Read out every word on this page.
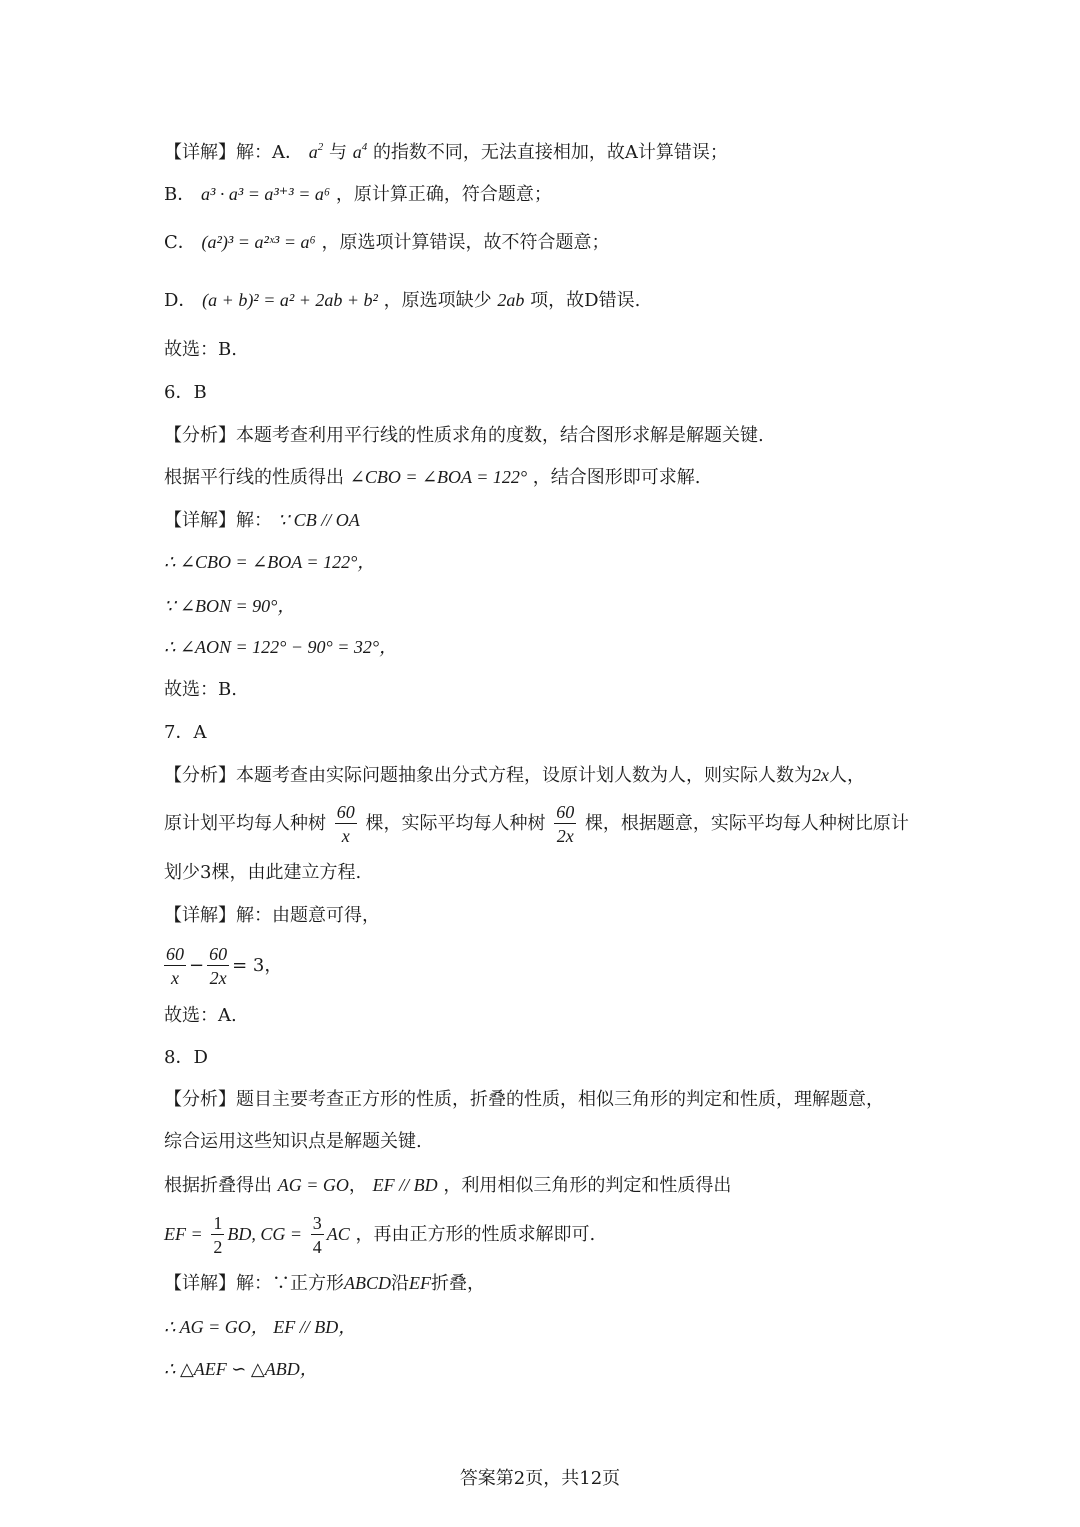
【详解】解：A． $a^2$ 与 $a^4$ 的指数不同，无法直接相加，故A计算错误；
B． a³ · a³ = a³⁺³ = a⁶ ，原计算正确，符合题意；
C． (a²)³ = a²ˣ³ = a⁶ ，原选项计算错误，故不符合题意；
D． (a + b)² = a² + 2ab + b² ，原选项缺少 2ab 项，故D错误.
故选：B.
6．B
【分析】本题考查利用平行线的性质求角的度数，结合图形求解是解题关键.
根据平行线的性质得出 ∠CBO = ∠BOA = 122° ，结合图形即可求解.
【详解】解： ∵ CB // OA
∴ ∠CBO = ∠BOA = 122°，
∵ ∠BON = 90°，
∴ ∠AON = 122° − 90° = 32°，
故选：B.
7．A
【分析】本题考查由实际问题抽象出分式方程，设原计划人数为人，则实际人数为2x人，
原计划平均每人种树 $\frac{60}{x}$ 棵，实际平均每人种树 $\frac{60}{2x}$ 棵，根据题意，实际平均每人种树比原计
划少3棵，由此建立方程.
【详解】解：由题意可得，
$\frac{60}{x} - \frac{60}{2x} = 3$，
故选：A.
8．D
【分析】题目主要考查正方形的性质，折叠的性质，相似三角形的判定和性质，理解题意，
综合运用这些知识点是解题关键.
根据折叠得出 AG = GO， EF // BD ，利用相似三角形的判定和性质得出
EF = $\frac{1}{2}$ BD, CG = $\frac{3}{4}$ AC ，再由正方形的性质求解即可.
【详解】解：∵正方形ABCD沿EF折叠，
∴ AG = GO， EF // BD，
∴ △AEF ∽ △ABD，
答案第2页，共12页
